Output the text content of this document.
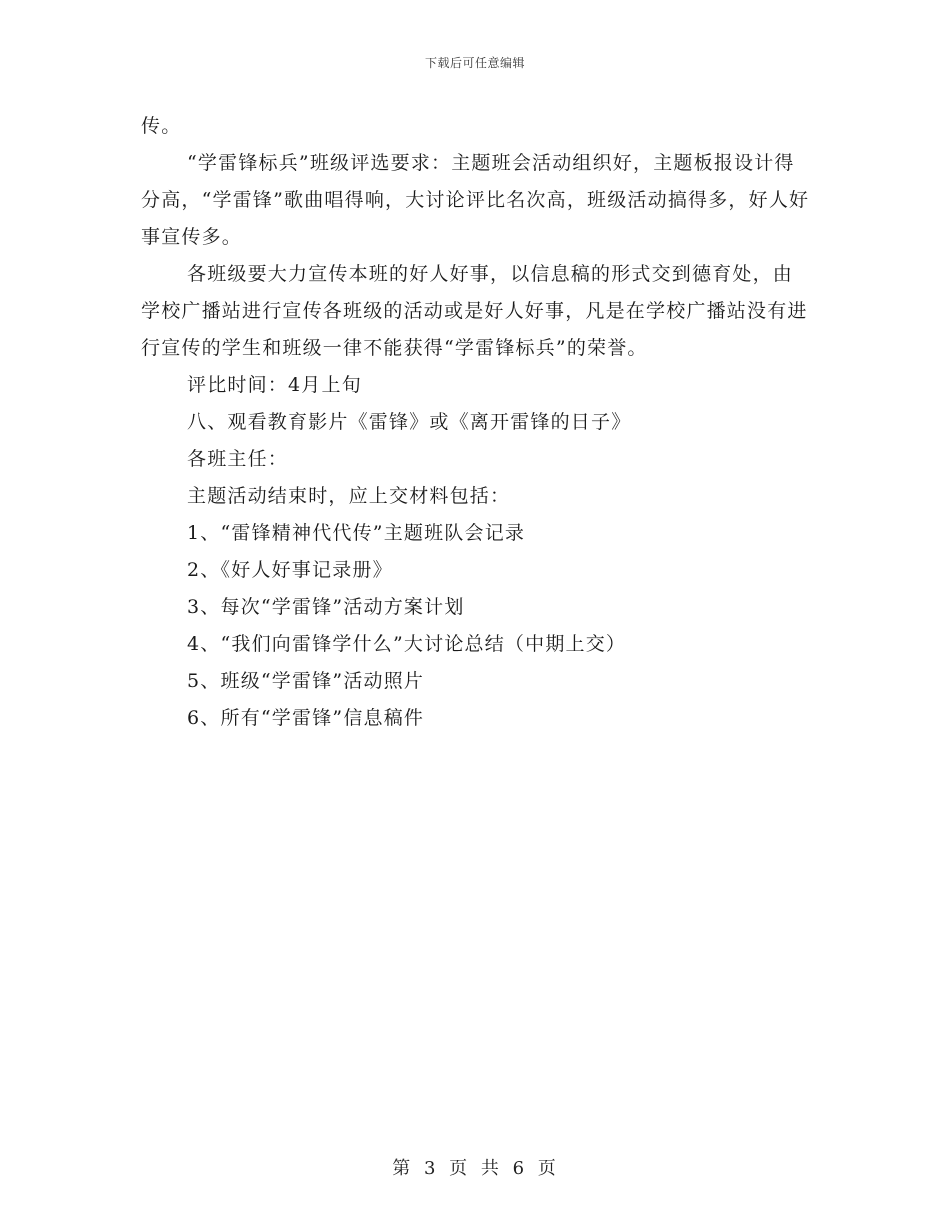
下载后可任意编辑

传。

“学雷锋标兵”班级评选要求：主题班会活动组织好，主题板报设计得分高，“学雷锋”歌曲唱得响，大讨论评比名次高，班级活动搞得多，好人好事宣传多。

各班级要大力宣传本班的好人好事，以信息稿的形式交到德育处，由学校广播站进行宣传各班级的活动或是好人好事，凡是在学校广播站没有进行宣传的学生和班级一律不能获得“学雷锋标兵”的荣誉。

评比时间：4月上旬

八、观看教育影片《雷锋》或《离开雷锋的日子》

各班主任：

主题活动结束时，应上交材料包括：

1、“雷锋精神代代传”主题班队会记录

2、《好人好事记录册》

3、每次“学雷锋”活动方案计划

4、“我们向雷锋学什么”大讨论总结（中期上交）

5、班级“学雷锋”活动照片

6、所有“学雷锋”信息稿件

第 3 页 共 6 页
